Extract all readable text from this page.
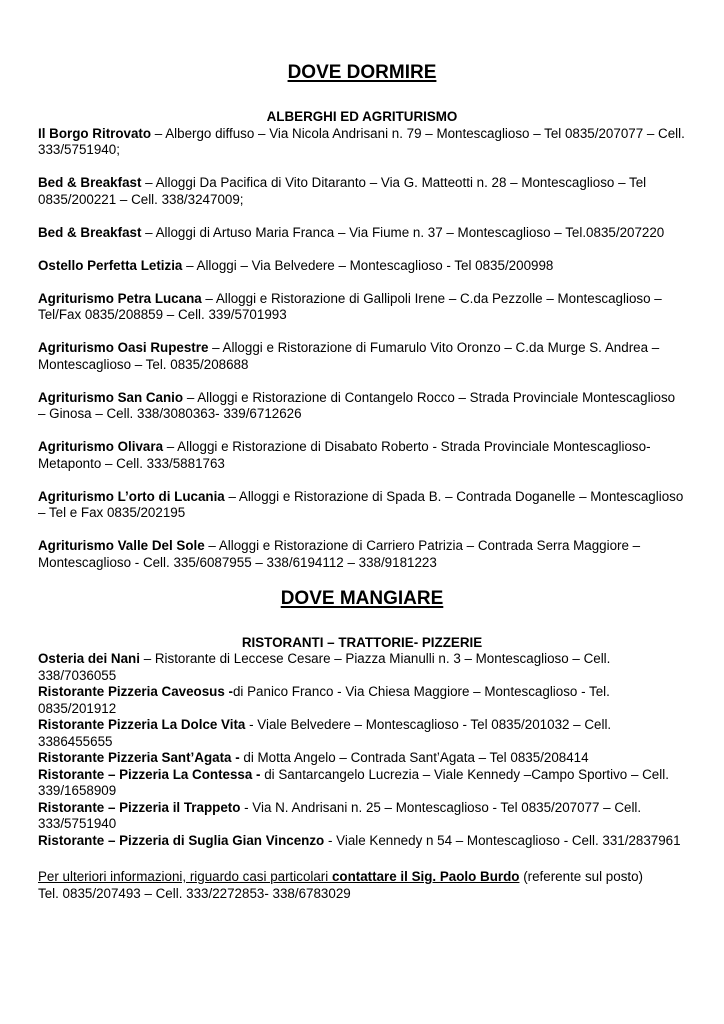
DOVE DORMIRE

ALBERGHI ED AGRITURISMO

Il Borgo Ritrovato – Albergo diffuso – Via Nicola Andrisani n. 79 – Montescaglioso – Tel 0835/207077 – Cell. 333/5751940;

Bed & Breakfast – Alloggi Da Pacifica di Vito Ditaranto – Via G. Matteotti n. 28 – Montescaglioso – Tel 0835/200221 – Cell. 338/3247009;

Bed & Breakfast – Alloggi di Artuso Maria Franca – Via Fiume n. 37 – Montescaglioso – Tel.0835/207220

Ostello Perfetta Letizia – Alloggi – Via Belvedere – Montescaglioso - Tel 0835/200998

Agriturismo Petra Lucana – Alloggi e Ristorazione di Gallipoli Irene – C.da Pezzolle – Montescaglioso – Tel/Fax 0835/208859 – Cell. 339/5701993

Agriturismo Oasi Rupestre – Alloggi e Ristorazione di Fumarulo Vito Oronzo – C.da Murge S. Andrea – Montescaglioso – Tel. 0835/208688

Agriturismo San Canio – Alloggi e Ristorazione di Contangelo Rocco – Strada Provinciale Montescaglioso – Ginosa – Cell. 338/3080363- 339/6712626

Agriturismo Olivara – Alloggi e Ristorazione di Disabato Roberto - Strada Provinciale Montescaglioso- Metaponto – Cell. 333/5881763

Agriturismo L’orto di Lucania – Alloggi e Ristorazione di Spada B. – Contrada Doganelle – Montescaglioso – Tel e Fax 0835/202195

Agriturismo Valle Del Sole – Alloggi e Ristorazione di Carriero Patrizia – Contrada Serra Maggiore – Montescaglioso - Cell. 335/6087955 – 338/6194112 – 338/9181223

DOVE MANGIARE

RISTORANTI – TRATTORIE- PIZZERIE

Osteria dei Nani – Ristorante di Leccese Cesare – Piazza Mianulli n. 3 – Montescaglioso – Cell. 338/7036055

Ristorante Pizzeria Caveosus -di Panico Franco - Via Chiesa Maggiore – Montescaglioso - Tel. 0835/201912

Ristorante Pizzeria La Dolce Vita - Viale Belvedere – Montescaglioso - Tel 0835/201032 – Cell. 3386455655

Ristorante Pizzeria Sant’Agata - di Motta Angelo – Contrada Sant’Agata – Tel 0835/208414

Ristorante – Pizzeria La Contessa - di Santarcangelo Lucrezia – Viale Kennedy –Campo Sportivo – Cell. 339/1658909

Ristorante – Pizzeria il Trappeto - Via N. Andrisani n. 25 – Montescaglioso - Tel 0835/207077 – Cell. 333/5751940

Ristorante – Pizzeria di Suglia Gian Vincenzo - Viale Kennedy n 54 – Montescaglioso - Cell. 331/2837961

Per ulteriori informazioni, riguardo casi particolari contattare il Sig. Paolo Burdo (referente sul posto)

Tel. 0835/207493 – Cell. 333/2272853- 338/6783029
